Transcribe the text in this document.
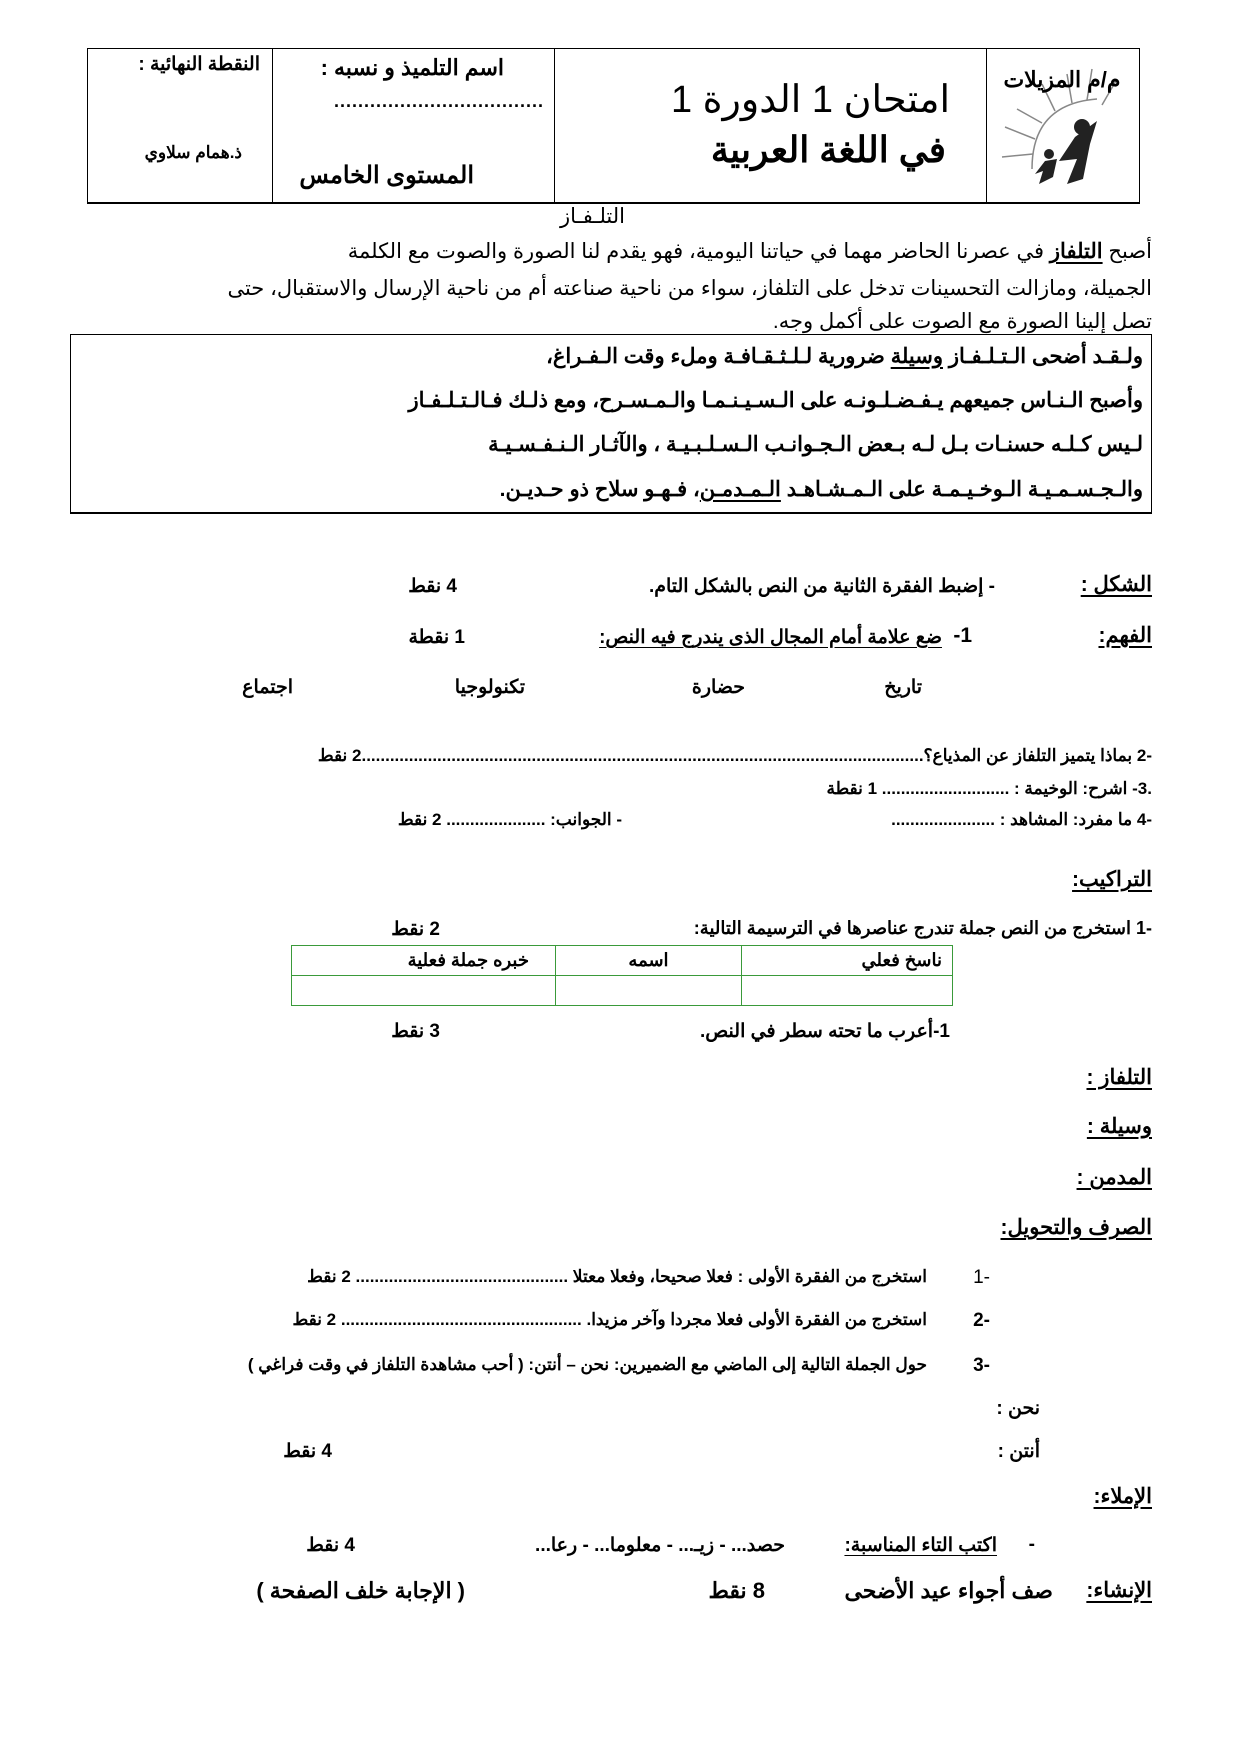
النقطة النهائية :
ذ.همام سلاوي
اسم التلميذ و نسبه :
...................................
المستوى الخامس
امتحان 1 الدورة 1
في اللغة العربية
م/م المزيلات
التلـفـاز
أصبح التلفاز في عصرنا الحاضر مهما في حياتنا اليومية، فهو يقدم لنا الصورة والصوت مع الكلمة
الجميلة، ومازالت التحسينات تدخل على التلفاز، سواء من ناحية صناعته أم من ناحية الإرسال والاستقبال، حتى
تصل إلينا الصورة مع الصوت على أكمل وجه.
ولـقـد أضحى الـتـلـفـاز وسيلة ضرورية لـلـثـقـافـة وملء وقت الـفـراغ،
وأصبح الـنـاس جميعهم يـفـضـلـونـه على الـسـيـنـمـا والـمـسـرح، ومع ذلـك فـالـتـلـفـاز
لـيس كـلـه حسنـات بـل لـه بـعض الـجـوانـب الـسـلـبـيـة ، والآثـار الـنـفـسـيـة
والـجـسـمـيـة الـوخـيـمـة على الـمـشـاهـد الـمـدمـن، فـهـو سلاح ذو حـديـن.
الشكل :
- إضبط الفقرة الثانية من النص بالشكل التام.
4 نقط
الفهم:
1-
ضع علامة أمام المجال الذى يندرج فيه النص:
1 نقطة
تاريخ
حضارة
تكنولوجيا
اجتماع
-2 بماذا يتميز التلفاز عن المذياع؟.......................................................................................................................2 نقط
.3- اشرح: الوخيمة : ........................... 1 نقطة
-4 ما مفرد: المشاهد : ......................
- الجوانب: ..................... 2 نقط
التراكيب:
-1 استخرج من النص جملة تندرج عناصرها في الترسيمة التالية:
2 نقط
ناسخ فعلي	اسمه	خبره جملة فعلية

1-أعرب ما تحته سطر في النص.
3 نقط
التلفاز :
وسيلة :
المدمن :
الصرف والتحويل:
-1
استخرج من الفقرة الأولى : فعلا صحيحا، وفعلا معتلا ............................................. 2 نقط
-2
استخرج من الفقرة الأولى فعلا مجردا وآخر مزيدا. ................................................... 2 نقط
-3
حول الجملة التالية إلى الماضي مع الضميرين: نحن – أنتن: ( أحب مشاهدة التلفاز في وقت فراغي )
نحن :
أنتن :
4 نقط
الإملاء:
-
اكتب التاء المناسبة:
حصد... - زيـ... - معلوما... - رعا...
4 نقط
الإنشاء:
صف أجواء عيد الأضحى
8 نقط
( الإجابة خلف الصفحة )
